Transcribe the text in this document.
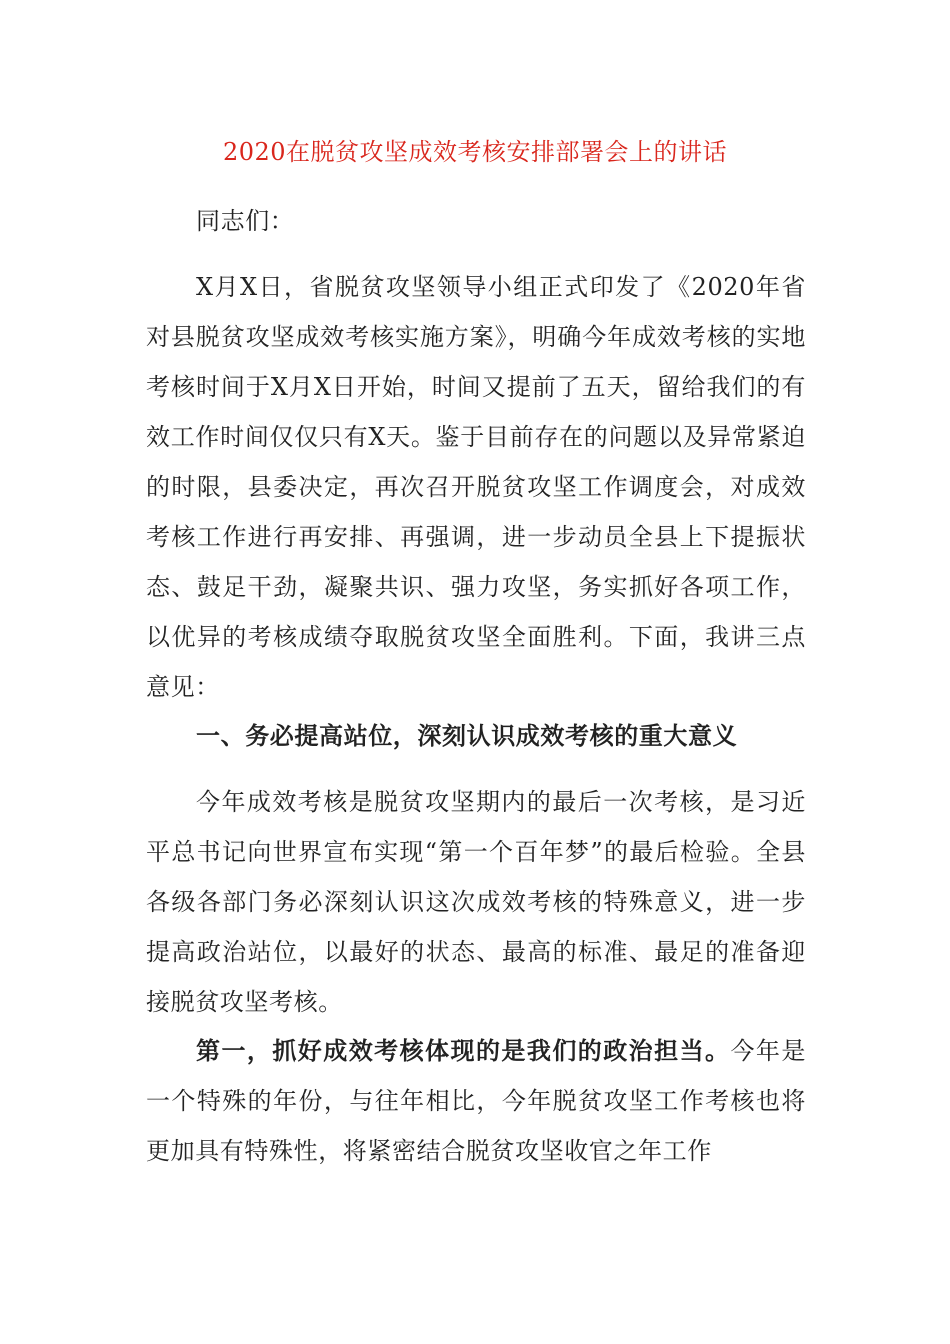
2020在脱贫攻坚成效考核安排部署会上的讲话

同志们：

X月X日，省脱贫攻坚领导小组正式印发了《2020年省对县脱贫攻坚成效考核实施方案》，明确今年成效考核的实地考核时间于X月X日开始，时间又提前了五天，留给我们的有效工作时间仅仅只有X天。鉴于目前存在的问题以及异常紧迫的时限，县委决定，再次召开脱贫攻坚工作调度会，对成效考核工作进行再安排、再强调，进一步动员全县上下提振状态、鼓足干劲，凝聚共识、强力攻坚，务实抓好各项工作，以优异的考核成绩夺取脱贫攻坚全面胜利。下面，我讲三点意见：

一、务必提高站位，深刻认识成效考核的重大意义

今年成效考核是脱贫攻坚期内的最后一次考核，是习近平总书记向世界宣布实现“第一个百年梦”的最后检验。全县各级各部门务必深刻认识这次成效考核的特殊意义，进一步提高政治站位，以最好的状态、最高的标准、最足的准备迎接脱贫攻坚考核。

第一，抓好成效考核体现的是我们的政治担当。今年是一个特殊的年份，与往年相比，今年脱贫攻坚工作考核也将更加具有特殊性，将紧密结合脱贫攻坚收官之年工作
